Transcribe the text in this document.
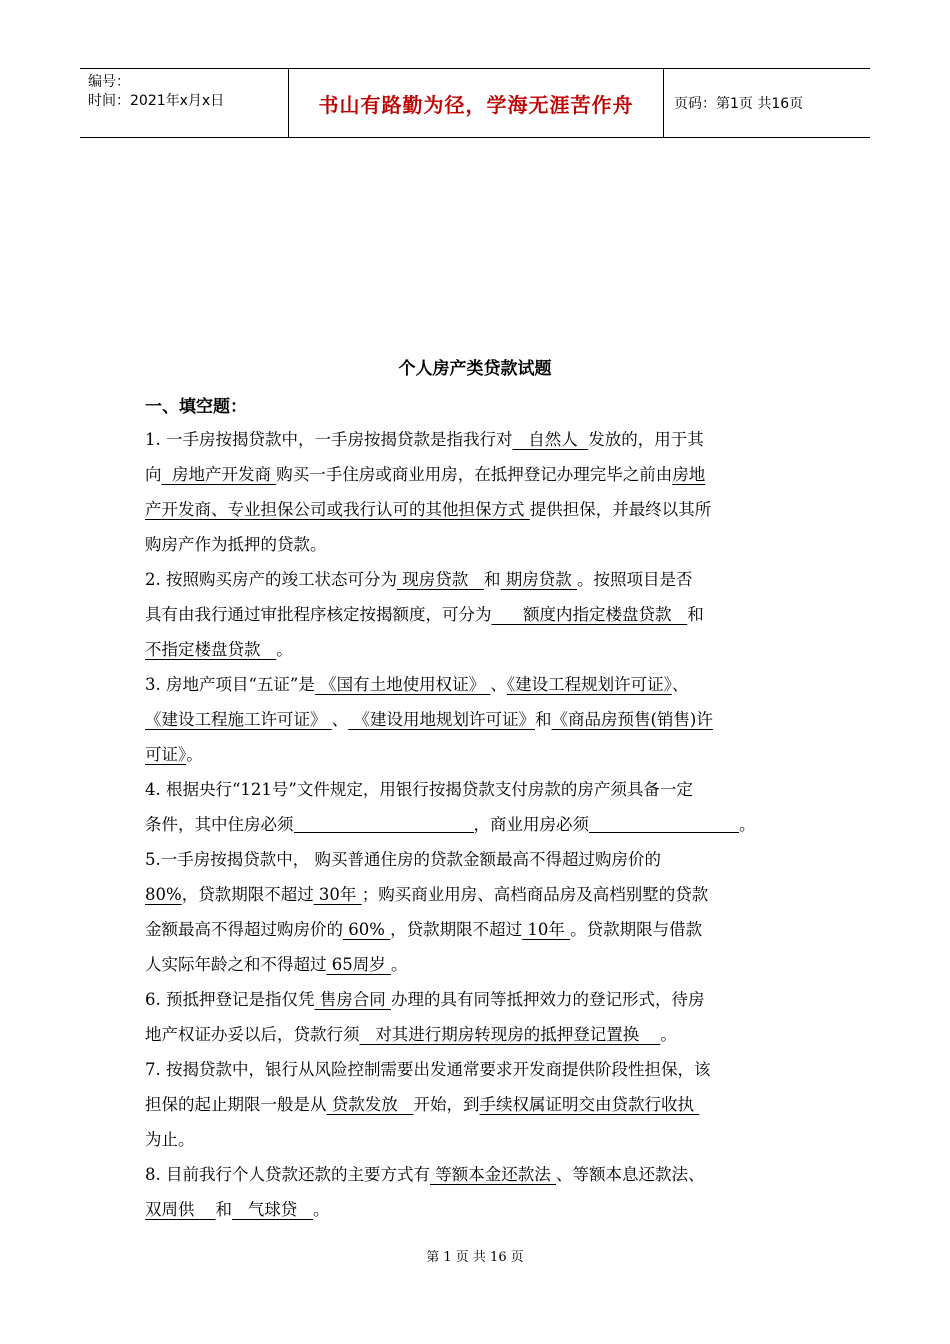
编号：
时间：2021年x月x日	书山有路勤为径，学海无涯苦作舟	页码：第1页 共16页
个人房产类贷款试题
一、填空题：

1. 一手房按揭贷款中，一手房按揭贷款是指我行对   自然人  发放的，用于其
向  房地产开发商 购买一手住房或商业用房，在抵押登记办理完毕之前由房地
产开发商、专业担保公司或我行认可的其他担保方式 提供担保，并最终以其所
购房产作为抵押的贷款。

2. 按照购买房产的竣工状态可分为 现房贷款   和 期房贷款 。按照项目是否
具有由我行通过审批程序核定按揭额度，可分为      额度内指定楼盘贷款   和
不指定楼盘贷款   。

3. 房地产项目“五证”是 《国有土地使用权证》 、《建设工程规划许可证》、
《建设工程施工许可证》 、 《建设用地规划许可证》和《商品房预售(销售)许
可证》。

4. 根据央行“121号”文件规定，用银行按揭贷款支付房款的房产须具备一定
条件，其中住房必须	，商业用房必须	。

5.一手房按揭贷款中， 购买普通住房的贷款金额最高不得超过购房价的
80%，贷款期限不超过 30年 ；购买商业用房、高档商品房及高档别墅的贷款
金额最高不得超过购房价的 60% ，贷款期限不超过 10年 。贷款期限与借款
人实际年龄之和不得超过 65周岁 。

6. 预抵押登记是指仅凭 售房合同 办理的具有同等抵押效力的登记形式，待房
地产权证办妥以后，贷款行须   对其进行期房转现房的抵押登记置换    。

7. 按揭贷款中，银行从风险控制需要出发通常要求开发商提供阶段性担保，该
担保的起止期限一般是从 贷款发放   开始，到手续权属证明交由贷款行收执
为止。

8. 目前我行个人贷款还款的主要方式有 等额本金还款法 、等额本息还款法、
双周供    和   气球贷   。

第 1 页 共 16 页
